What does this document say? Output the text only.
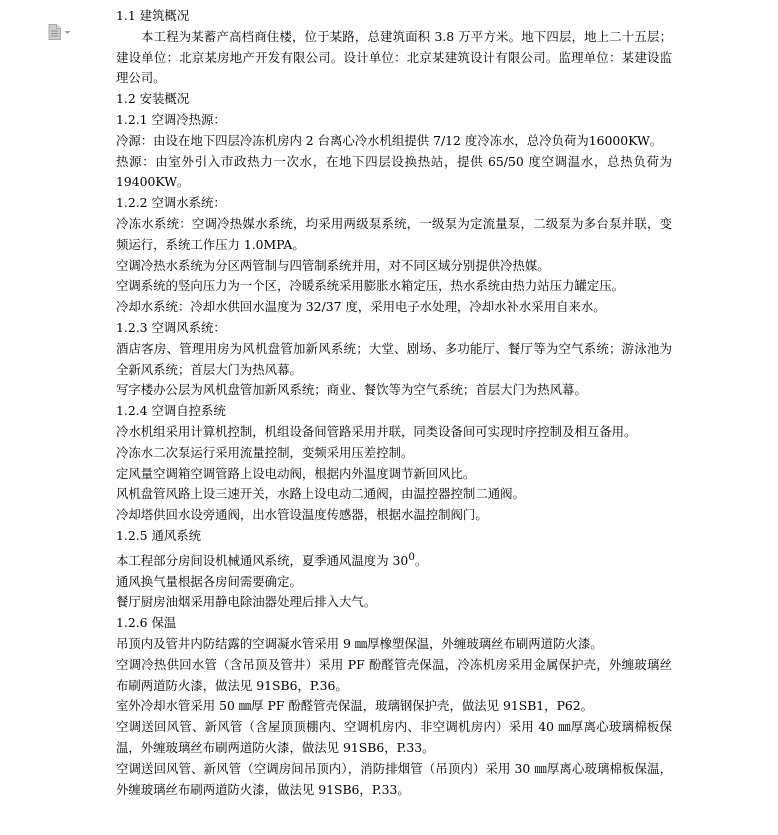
1.1 建筑概况

本工程为某蓄产高档商住楼，位于某路，总建筑面积 3.8 万平方米。地下四层，地上二十五层；建设单位：北京某房地产开发有限公司。设计单位：北京某建筑设计有限公司。监理单位：某建设监理公司。

1.2 安装概况

1.2.1 空调冷热源：

冷源：由设在地下四层冷冻机房内 2 台离心冷水机组提供 7/12 度冷冻水，总冷负荷为16000KW。

热源：由室外引入市政热力一次水，在地下四层设换热站，提供 65/50 度空调温水，总热负荷为 19400KW。

1.2.2 空调水系统：

冷冻水系统：空调冷热媒水系统，均采用两级泵系统，一级泵为定流量泵，二级泵为多台泵并联，变频运行，系统工作压力 1.0MPA。

空调冷热水系统为分区两管制与四管制系统并用，对不同区域分别提供冷热媒。

空调系统的竖向压力为一个区，冷暖系统采用膨胀水箱定压，热水系统由热力站压力罐定压。

冷却水系统：冷却水供回水温度为 32/37 度，采用电子水处理，冷却水补水采用自来水。

1.2.3 空调风系统：

酒店客房、管理用房为风机盘管加新风系统；大堂、剧场、多功能厅、餐厅等为空气系统；游泳池为全新风系统；首层大门为热风幕。

写字楼办公层为风机盘管加新风系统；商业、餐饮等为空气系统；首层大门为热风幕。

1.2.4 空调自控系统

冷水机组采用计算机控制，机组设备间管路采用并联，同类设备间可实现时序控制及相互备用。

冷冻水二次泵运行采用流量控制，变频采用压差控制。

定风量空调箱空调管路上设电动阀，根据内外温度调节新回风比。

风机盘管风路上设三速开关，水路上设电动二通阀，由温控器控制二通阀。

冷却塔供回水设旁通阀，出水管设温度传感器，根据水温控制阀门。

1.2.5 通风系统

本工程部分房间设机械通风系统，夏季通风温度为 $30^0$。

通风换气量根据各房间需要确定。

餐厅厨房油烟采用静电除油器处理后排入大气。

1.2.6 保温

吊顶内及管井内防结露的空调凝水管采用 9 ㎜厚橡塑保温，外缠玻璃丝布刷两道防火漆。

空调冷热供回水管（含吊顶及管井）采用 PF 酚醛管壳保温，冷冻机房采用金属保护壳，外缠玻璃丝布刷两道防火漆，做法见 91SB6，P.36。

室外冷却水管采用 50 ㎜厚 PF 酚醛管壳保温，玻璃钢保护壳，做法见 91SB1，P62。

空调送回风管、新风管（含屋顶顶棚内、空调机房内、非空调机房内）采用 40 ㎜厚离心玻璃棉板保温，外缠玻璃丝布刷两道防火漆，做法见 91SB6，P.33。

空调送回风管、新风管（空调房间吊顶内），消防排烟管（吊顶内）采用 30 ㎜厚离心玻璃棉板保温，外缠玻璃丝布刷两道防火漆，做法见 91SB6，P.33。
